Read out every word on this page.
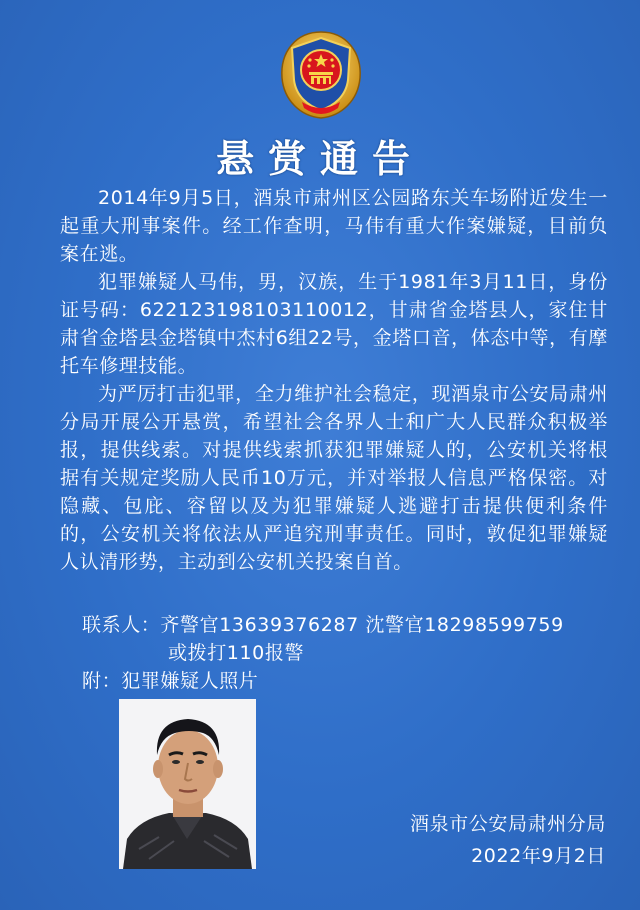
悬赏通告

2014年9月5日，酒泉市肃州区公园路东关车场附近发生一起重大刑事案件。经工作查明，马伟有重大作案嫌疑，目前负案在逃。

犯罪嫌疑人马伟，男，汉族，生于1981年3月11日，身份证号码：622123198103110012，甘肃省金塔县人，家住甘肃省金塔县金塔镇中杰村6组22号，金塔口音，体态中等，有摩托车修理技能。

为严厉打击犯罪，全力维护社会稳定，现酒泉市公安局肃州分局开展公开悬赏，希望社会各界人士和广大人民群众积极举报，提供线索。对提供线索抓获犯罪嫌疑人的，公安机关将根据有关规定奖励人民币10万元，并对举报人信息严格保密。对隐藏、包庇、容留以及为犯罪嫌疑人逃避打击提供便利条件的，公安机关将依法从严追究刑事责任。同时，敦促犯罪嫌疑人认清形势，主动到公安机关投案自首。

联系人：齐警官13639376287 沈警官18298599759
或拨打110报警
附：犯罪嫌疑人照片
酒泉市公安局肃州分局
2022年9月2日
